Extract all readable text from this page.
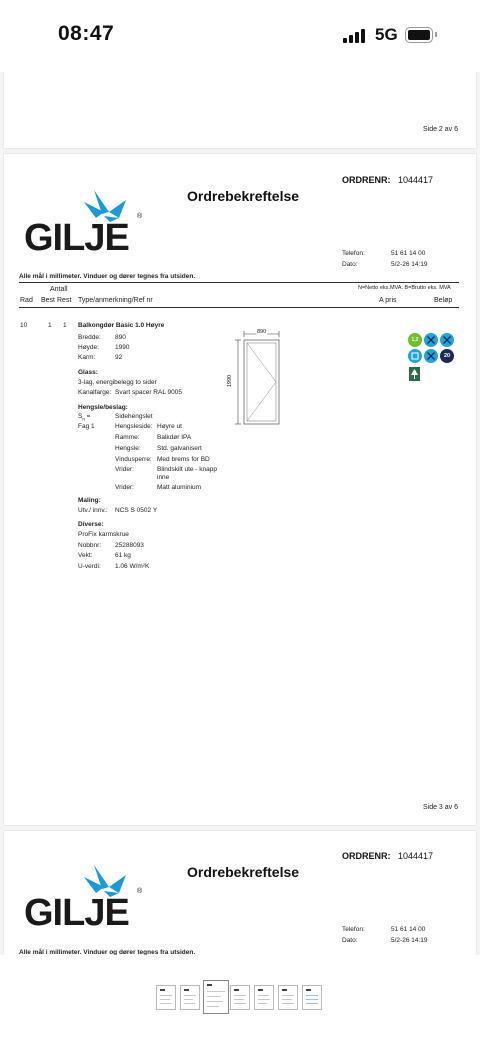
08:47	5G
Side 2 av 6
ORDRENR: 1044417
Ordrebekreftelse
GILJE
®
Telefon:	51 61 14 00
Dato:	5/2-26 14:19
Alle mål i millimeter. Vinduer og dører tegnes fra utsiden.
N=Netto eks.MVA. B=Brutto eks. MVA
Antall
Rad Best Rest Type/anmerkning/Ref nr	A pris	Beløp
10	1 1 Balkongdør Basic 1.0 Høyre
Bredde: 890
Høyde: 1990
Karm:	92
Glass:
3-lag, energibelegg to sider
Kanalfarge: Svart spacer RAL 9005
Hengsle/beslag:
$S_n$ =	Sidehengslet
Fag 1	Hengsleside: Høyre ut
Ramme:	Balkdør IPA
Hengsle:	Std. galvanisert
Vindusperre: Med brems for BD
Vrider:	Blindskilt ute - knapp inne
Vrider:	Matt aluminium
Maling:
Utv./ innv.: NCS S 0502 Y
Diverse:
ProFix karmskrue
Nobbnr: 25288093
Vekt:	61 kg
U-verdi: 1.06 W/m²K
890
1990
1,2
20
Side 3 av 6
ORDRENR: 1044417
Ordrebekreftelse
GILJE
®
Telefon:	51 61 14 00
Dato:	5/2-26 14:19
Alle mål i millimeter. Vinduer og dører tegnes fra utsiden.
